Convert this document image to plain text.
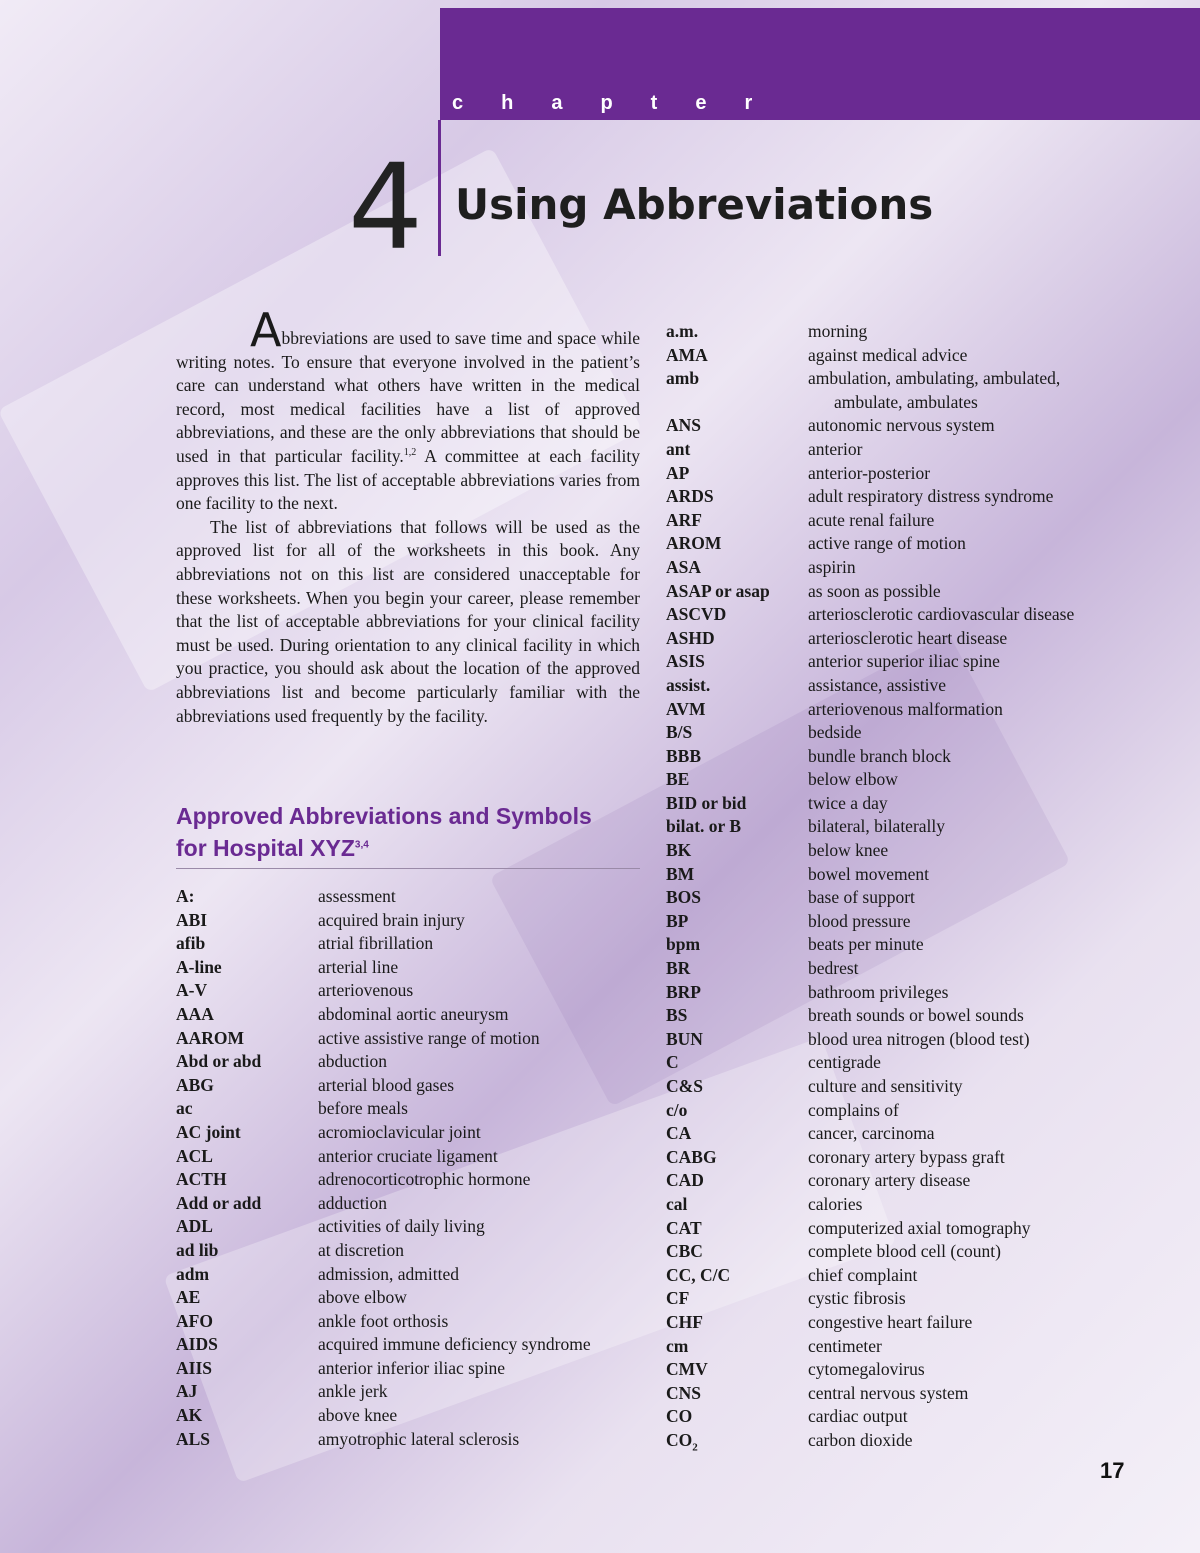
chapter
4 Using Abbreviations

Abbreviations are used to save time and space while writing notes. To ensure that everyone involved in the patient’s care can understand what others have written in the medical record, most medical facilities have a list of approved abbreviations, and these are the only abbreviations that should be used in that particular facility.$^{1,2}$ A committee at each facility approves this list. The list of acceptable abbreviations varies from one facility to the next.

The list of abbreviations that follows will be used as the approved list for all of the worksheets in this book. Any abbreviations not on this list are considered unacceptable for these worksheets. When you begin your career, please remember that the list of acceptable abbreviations for your clinical facility must be used. During orientation to any clinical facility in which you practice, you should ask about the location of the approved abbreviations list and become particularly familiar with the abbreviations used frequently by the facility.

Approved Abbreviations and Symbols
for Hospital XYZ$^{3,4}$
A:	assessment
ABI	acquired brain injury
afib	atrial fibrillation
A-line	arterial line
A-V	arteriovenous
AAA	abdominal aortic aneurysm
AAROM	active assistive range of motion
Abd or abd	abduction
ABG	arterial blood gases
ac	before meals
AC joint	acromioclavicular joint
ACL	anterior cruciate ligament
ACTH	adrenocorticotrophic hormone
Add or add	adduction
ADL	activities of daily living
ad lib	at discretion
adm	admission, admitted
AE	above elbow
AFO	ankle foot orthosis
AIDS	acquired immune deficiency syndrome
AIIS	anterior inferior iliac spine
AJ	ankle jerk
AK	above knee
ALS	amyotrophic lateral sclerosis
a.m.	morning
AMA	against medical advice
amb	ambulation, ambulating, ambulated,
ambulate, ambulates
ANS	autonomic nervous system
ant	anterior
AP	anterior-posterior
ARDS	adult respiratory distress syndrome
ARF	acute renal failure
AROM	active range of motion
ASA	aspirin
ASAP or asap as soon as possible
ASCVD	arteriosclerotic cardiovascular disease
ASHD	arteriosclerotic heart disease
ASIS	anterior superior iliac spine
assist.	assistance, assistive
AVM	arteriovenous malformation
B/S	bedside
BBB	bundle branch block
BE	below elbow
BID or bid	twice a day
bilat. or B	bilateral, bilaterally
BK	below knee
BM	bowel movement
BOS	base of support
BP	blood pressure
bpm	beats per minute
BR	bedrest
BRP	bathroom privileges
BS	breath sounds or bowel sounds
BUN	blood urea nitrogen (blood test)
C	centigrade
C&S	culture and sensitivity
c/o	complains of
CA	cancer, carcinoma
CABG	coronary artery bypass graft
CAD	coronary artery disease
cal	calories
CAT	computerized axial tomography
CBC	complete blood cell (count)
CC, C/C	chief complaint
CF	cystic fibrosis
CHF	congestive heart failure
cm	centimeter
CMV	cytomegalovirus
CNS	central nervous system
CO	cardiac output
$CO_2$	carbon dioxide
17
